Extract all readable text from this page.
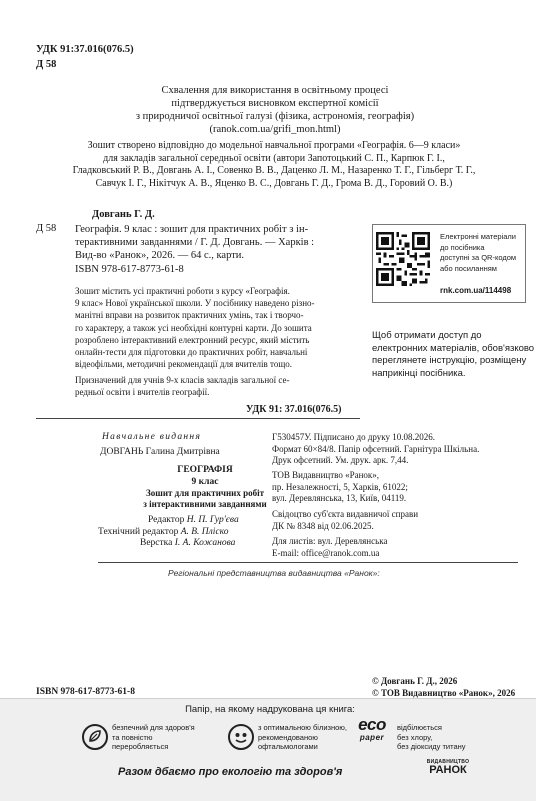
УДК 91:37.016(076.5)
Д 58
Схвалення для використання в освітньому процесі
підтверджується висновком експертної комісії
з природничої освітньої галузі (фізика, астрономія, географія)
(ranok.com.ua/grifi_mon.html)
Зошит створено відповідно до модельної навчальної програми «Географія. 6—9 класи»
для закладів загальної середньої освіти (автори Запотоцький С. П., Карпюк Г. І.,
Гладковський Р. В., Довгань А. І., Совенко В. В., Даценко Л. М., Назаренко Т. Г., Гільберг Т. Г.,
Савчук І. Г., Нікітчук А. В., Яценко В. С., Довгань Г. Д., Грома В. Д., Горовий О. В.)
Довгань Г. Д.
Д 58 Географія. 9 клас : зошит для практичних робіт з ін-
терактивними завданнями / Г. Д. Довгань. — Харків :
Вид-во «Ранок», 2026. — 64 с., карти.
ISBN 978-617-8773-61-8
Зошит містить усі практичні роботи з курсу «Географія.
9 клас» Нової української школи. У посібнику наведено різно-
манітні вправи на розвиток практичних умінь, так і творчо-
го характеру, а також усі необхідні контурні карти. До зошита
розроблено інтерактивний електронний ресурс, який містить
онлайн-тести для підготовки до практичних робіт, навчальні
відеофільми, методичні рекомендації для вчителів тощо.
Призначений для учнів 9-х класів закладів загальної се-
редньої освіти і вчителів географії.
УДК 91: 37.016(076.5)
Електронні матеріали
до посібника
доступні за QR-кодом
або посиланням
rnk.com.ua/114498
Щоб отримати доступ до
електронних матеріалів, обов'язково
переглянете інструкцію, розміщену
наприкінці посібника.
Навчальне видання
ДОВГАНЬ Галина Дмитрівна
ГЕОГРАФІЯ
9 клас
Зошит для практичних робіт
з інтерактивними завданнями
Редактор Н. П. Гур'єва
Технічний редактор А. В. Пліско
Верстка І. А. Кожанова
Г530457У. Підписано до друку 10.08.2026.
Формат 60×84/8. Папір офсетний. Гарнітура Шкільна.
Друк офсетний. Ум. друк. арк. 7,44.
ТОВ Видавництво «Ранок»,
пр. Незалежності, 5, Харків, 61022;
вул. Деревлянська, 13, Київ, 04119.
Свідоцтво суб'єкта видавничої справи
ДК № 8348 від 02.06.2025.
Для листів: вул. Деревлянська
E-mail: office@ranok.com.ua
Регіональні представництва видавництва «Ранок»:
© Довгань Г. Д., 2026
© ТОВ Видавництво «Ранок», 2026
ISBN 978-617-8773-61-8
Папір, на якому надрукована ця книга:
безпечний для здоров'я
та повністю
переробляється
з оптимальною білизною,
рекомендованою
офтальмологами
eco
paper
відбілюється
без хлору,
без діоксиду титану
Разом дбаємо про екологію та здоров'я
ВИДАВНИЦТВО
РАНОК
